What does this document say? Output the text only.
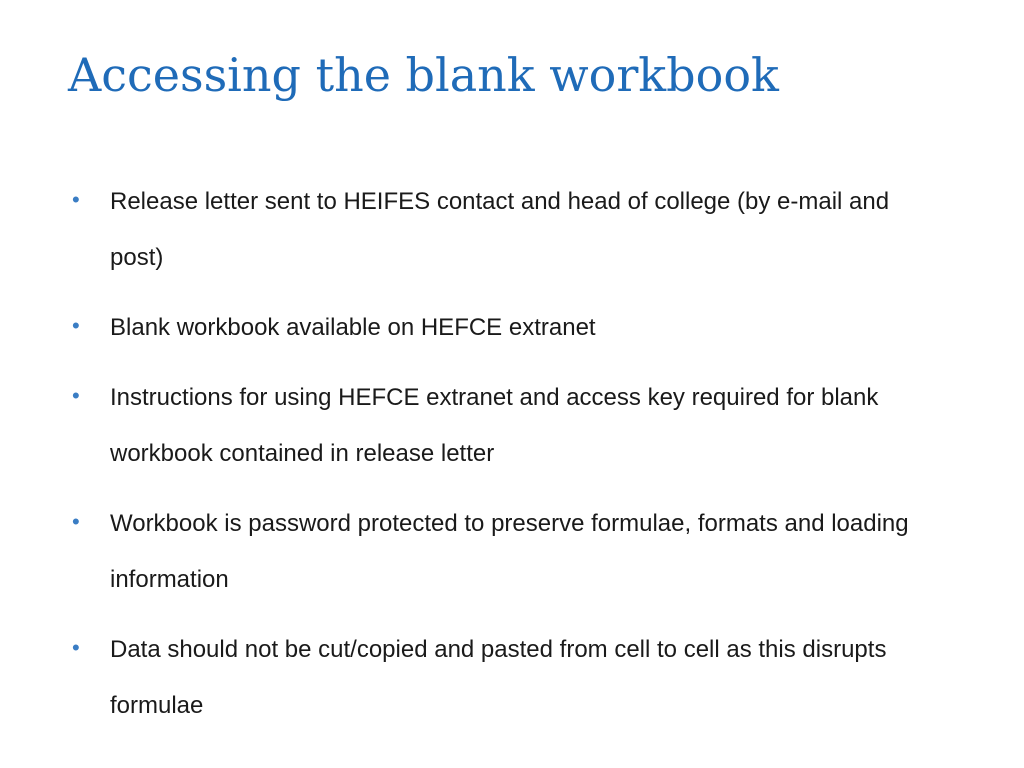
Accessing the blank workbook
• Release letter sent to HEIFES contact and head of college (by e-mail and post)
• Blank workbook available on HEFCE extranet
• Instructions for using HEFCE extranet and access key required for blank workbook contained in release letter
• Workbook is password protected to preserve formulae, formats and loading information
• Data should not be cut/copied and pasted from cell to cell as this disrupts formulae
